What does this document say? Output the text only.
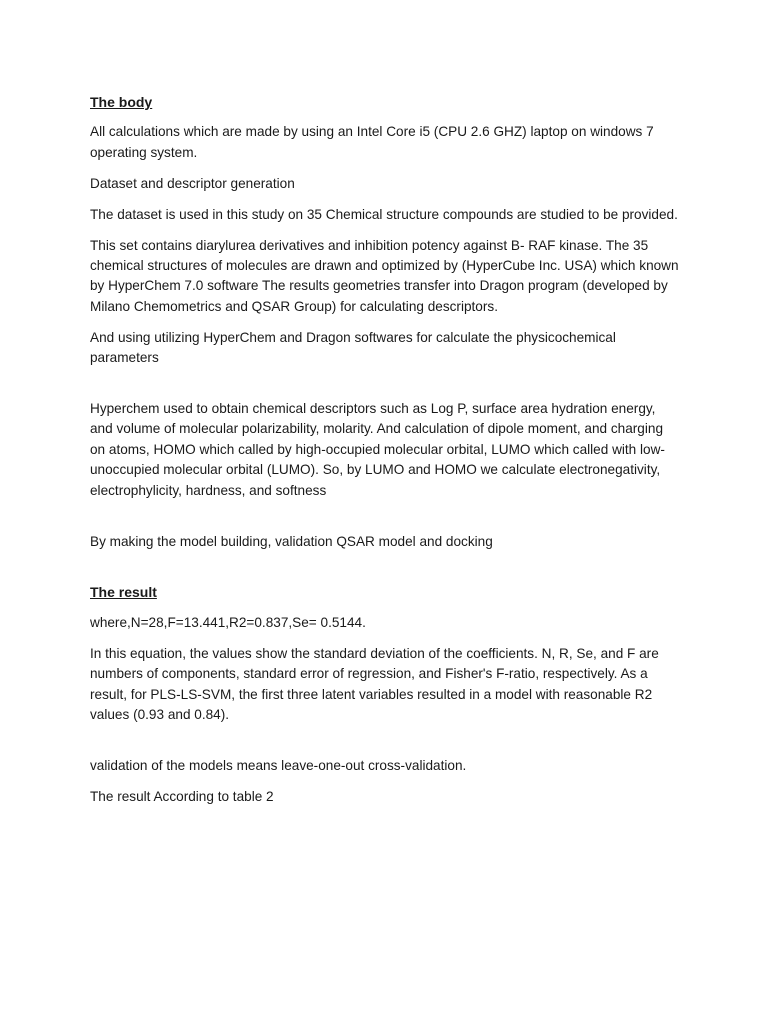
The body
All calculations which are made by using an Intel Core i5 (CPU 2.6 GHZ) laptop on windows 7 operating system.
Dataset and descriptor generation
The dataset is used in this study on 35 Chemical structure compounds are studied to be provided.
This set contains diarylurea derivatives and inhibition potency against B- RAF kinase. The 35 chemical structures of molecules are drawn and optimized by (HyperCube Inc. USA) which known by HyperChem 7.0 software The results geometries transfer into Dragon program (developed by Milano Chemometrics and QSAR Group) for calculating descriptors.
And using utilizing HyperChem and Dragon softwares for calculate the physicochemical parameters
Hyperchem used to obtain chemical descriptors such as Log P, surface area hydration energy, and volume of molecular polarizability, molarity. And calculation of dipole moment, and charging on atoms, HOMO which called by high-occupied molecular orbital, LUMO which called with low- unoccupied molecular orbital (LUMO). So, by LUMO and HOMO we calculate electronegativity, electrophylicity, hardness, and softness
By making the model building, validation QSAR model and docking
The result
where,N=28,F=13.441,R2=0.837,Se= 0.5144.
In this equation, the values show the standard deviation of the coefficients. N, R, Se, and F are numbers of components, standard error of regression, and Fisher's F-ratio, respectively. As a result, for PLS-LS-SVM, the first three latent variables resulted in a model with reasonable R2 values (0.93 and 0.84).
validation of the models means leave-one-out cross-validation.
The result According to table 2
